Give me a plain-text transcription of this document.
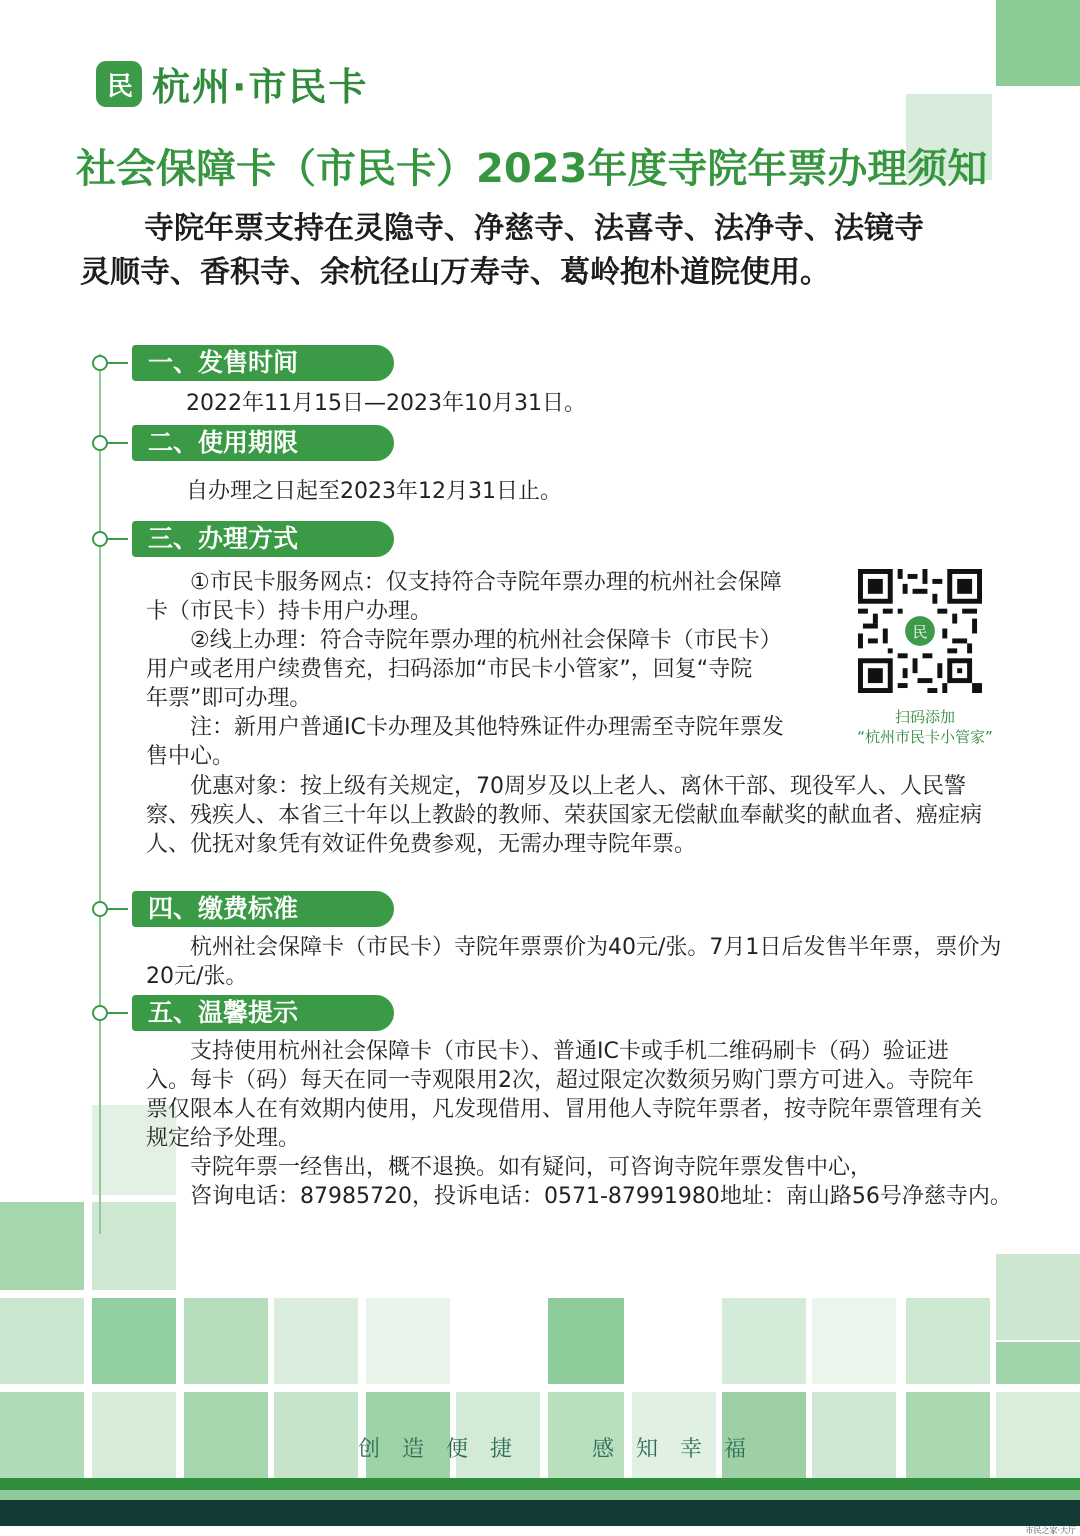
民 杭州·市民卡
社会保障卡（市民卡）2023年度寺院年票办理须知
寺院年票支持在灵隐寺、净慈寺、法喜寺、法净寺、法镜寺
灵顺寺、香积寺、余杭径山万寿寺、葛岭抱朴道院使用。
一、发售时间
2022年11月15日—2023年10月31日。
二、使用期限
自办理之日起至2023年12月31日止。
三、办理方式
①市民卡服务网点：仅支持符合寺院年票办理的杭州社会保障
卡（市民卡）持卡用户办理。
②线上办理：符合寺院年票办理的杭州社会保障卡（市民卡）
用户或老用户续费售充，扫码添加“市民卡小管家”，回复“寺院
年票”即可办理。
注：新用户普通IC卡办理及其他特殊证件办理需至寺院年票发
售中心。
优惠对象：按上级有关规定，70周岁及以上老人、离休干部、现役军人、人民警
察、残疾人、本省三十年以上教龄的教师、荣获国家无偿献血奉献奖的献血者、癌症病
人、优抚对象凭有效证件免费参观，无需办理寺院年票。
民
扫码添加
“杭州市民卡小管家”
四、缴费标准
杭州社会保障卡（市民卡）寺院年票票价为40元/张。7月1日后发售半年票，票价为
20元/张。
五、温馨提示
支持使用杭州社会保障卡（市民卡）、普通IC卡或手机二维码刷卡（码）验证进
入。每卡（码）每天在同一寺观限用2次，超过限定次数须另购门票方可进入。寺院年
票仅限本人在有效期内使用，凡发现借用、冒用他人寺院年票者，按寺院年票管理有关
规定给予处理。
寺院年票一经售出，概不退换。如有疑问，可咨询寺院年票发售中心，
咨询电话：87985720，投诉电话：0571-87991980地址：南山路56号净慈寺内。
创造便捷  感知幸福
市民之家·大厅
